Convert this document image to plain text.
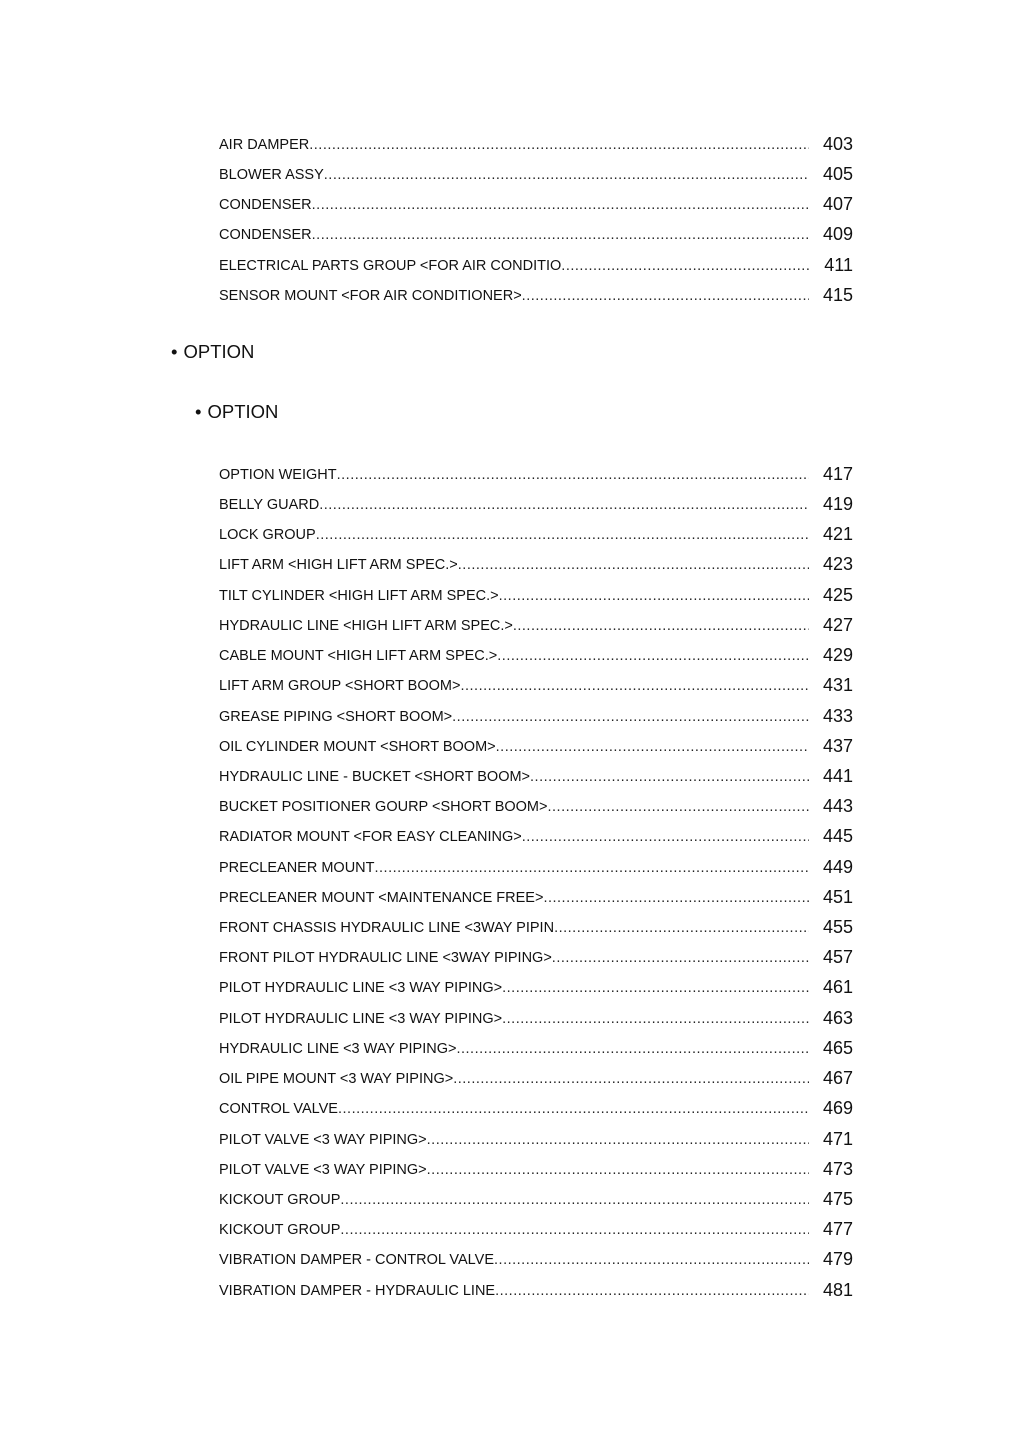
AIR DAMPER .....	403
BLOWER ASSY .....	405
CONDENSER .....	407
CONDENSER .....	409
ELECTRICAL PARTS GROUP <FOR AIR CONDITIO .....	411
SENSOR MOUNT <FOR AIR CONDITIONER> .....	415
• OPTION
• OPTION
OPTION WEIGHT .....	417
BELLY GUARD .....	419
LOCK GROUP .....	421
LIFT ARM <HIGH LIFT ARM SPEC.> .....	423
TILT CYLINDER <HIGH LIFT ARM SPEC.> .....	425
HYDRAULIC LINE <HIGH LIFT ARM SPEC.> .....	427
CABLE MOUNT <HIGH LIFT ARM SPEC.> .....	429
LIFT ARM GROUP <SHORT BOOM> .....	431
GREASE PIPING <SHORT BOOM> .....	433
OIL CYLINDER MOUNT <SHORT BOOM> .....	437
HYDRAULIC LINE - BUCKET <SHORT BOOM> .....	441
BUCKET POSITIONER GOURP <SHORT BOOM> .....	443
RADIATOR MOUNT <FOR EASY CLEANING> .....	445
PRECLEANER MOUNT .....	449
PRECLEANER MOUNT <MAINTENANCE FREE> .....	451
FRONT CHASSIS HYDRAULIC LINE <3WAY PIPIN .....	455
FRONT PILOT HYDRAULIC LINE <3WAY PIPING> .....	457
PILOT HYDRAULIC LINE <3 WAY PIPING> .....	461
PILOT HYDRAULIC LINE <3 WAY PIPING> .....	463
HYDRAULIC LINE <3 WAY PIPING> .....	465
OIL PIPE MOUNT <3 WAY PIPING> .....	467
CONTROL VALVE .....	469
PILOT VALVE <3 WAY PIPING> .....	471
PILOT VALVE <3 WAY PIPING> .....	473
KICKOUT GROUP .....	475
KICKOUT GROUP .....	477
VIBRATION DAMPER - CONTROL VALVE .....	479
VIBRATION DAMPER - HYDRAULIC LINE .....	481
